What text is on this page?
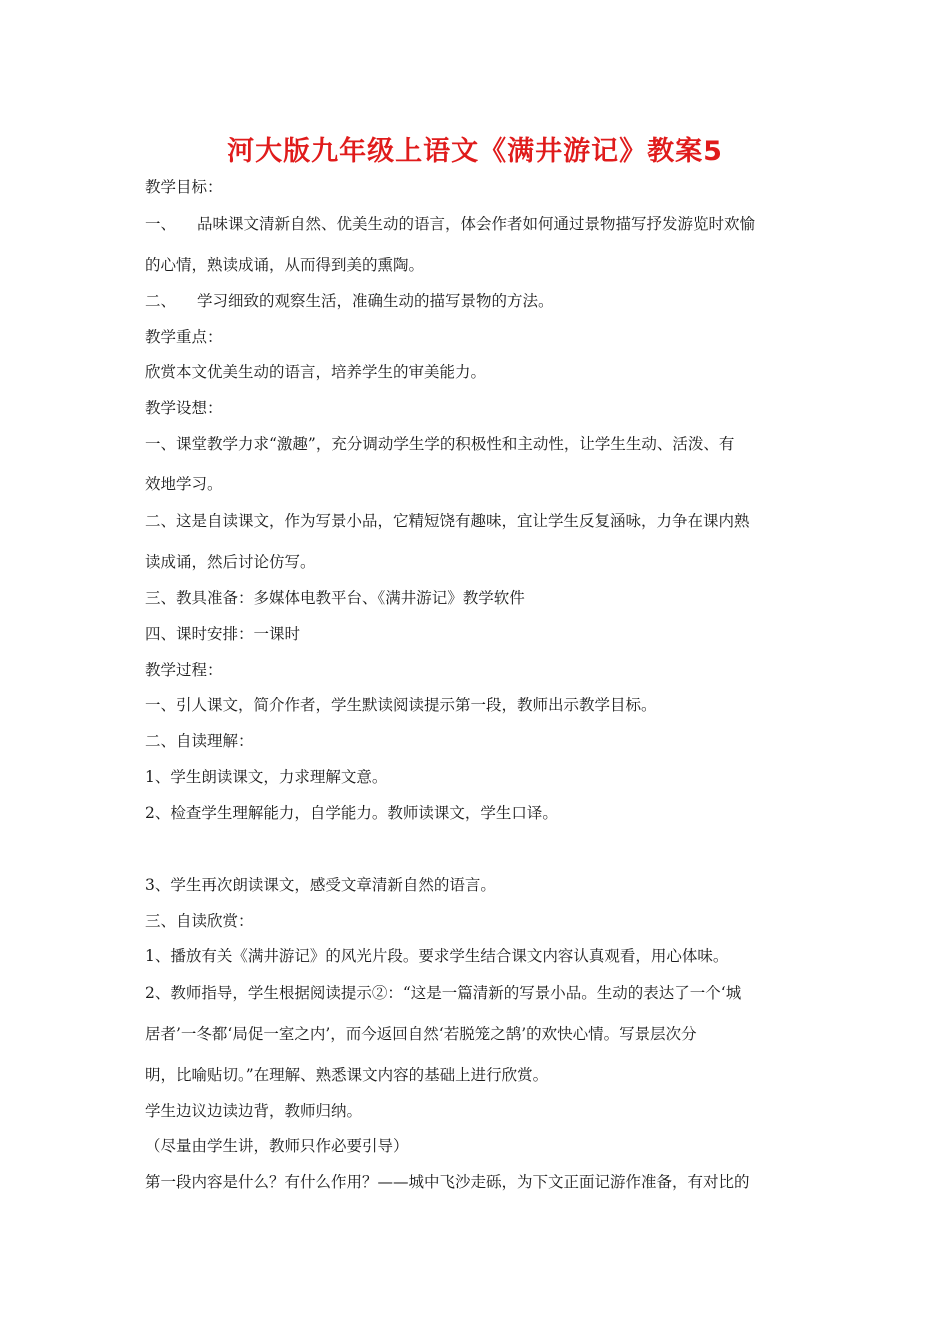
河大版九年级上语文《满井游记》教案5
教学目标：
一、 品味课文清新自然、优美生动的语言，体会作者如何通过景物描写抒发游览时欢愉
的心情，熟读成诵，从而得到美的熏陶。
二、 学习细致的观察生活，准确生动的描写景物的方法。
教学重点：
欣赏本文优美生动的语言，培养学生的审美能力。
教学设想：
一、课堂教学力求“激趣”，充分调动学生学的积极性和主动性，让学生生动、活泼、有
效地学习。
二、这是自读课文，作为写景小品，它精短饶有趣味，宜让学生反复涵咏，力争在课内熟
读成诵，然后讨论仿写。
三、教具准备：多媒体电教平台、《满井游记》教学软件
四、课时安排：一课时
教学过程：
一、引人课文，简介作者，学生默读阅读提示第一段，教师出示教学目标。
二、自读理解：
1、学生朗读课文，力求理解文意。
2、检查学生理解能力，自学能力。教师读课文，学生口译。
3、学生再次朗读课文，感受文章清新自然的语言。
三、自读欣赏：
1、播放有关《满井游记》的风光片段。要求学生结合课文内容认真观看，用心体味。
2、教师指导，学生根据阅读提示②：“这是一篇清新的写景小品。生动的表达了一个‘城
居者’一冬都‘局促一室之内’，而今返回自然‘若脱笼之鹄’的欢快心情。写景层次分
明，比喻贴切。”在理解、熟悉课文内容的基础上进行欣赏。
学生边议边读边背，教师归纳。
（尽量由学生讲，教师只作必要引导）
第一段内容是什么？有什么作用？——城中飞沙走砾，为下文正面记游作准备，有对比的
